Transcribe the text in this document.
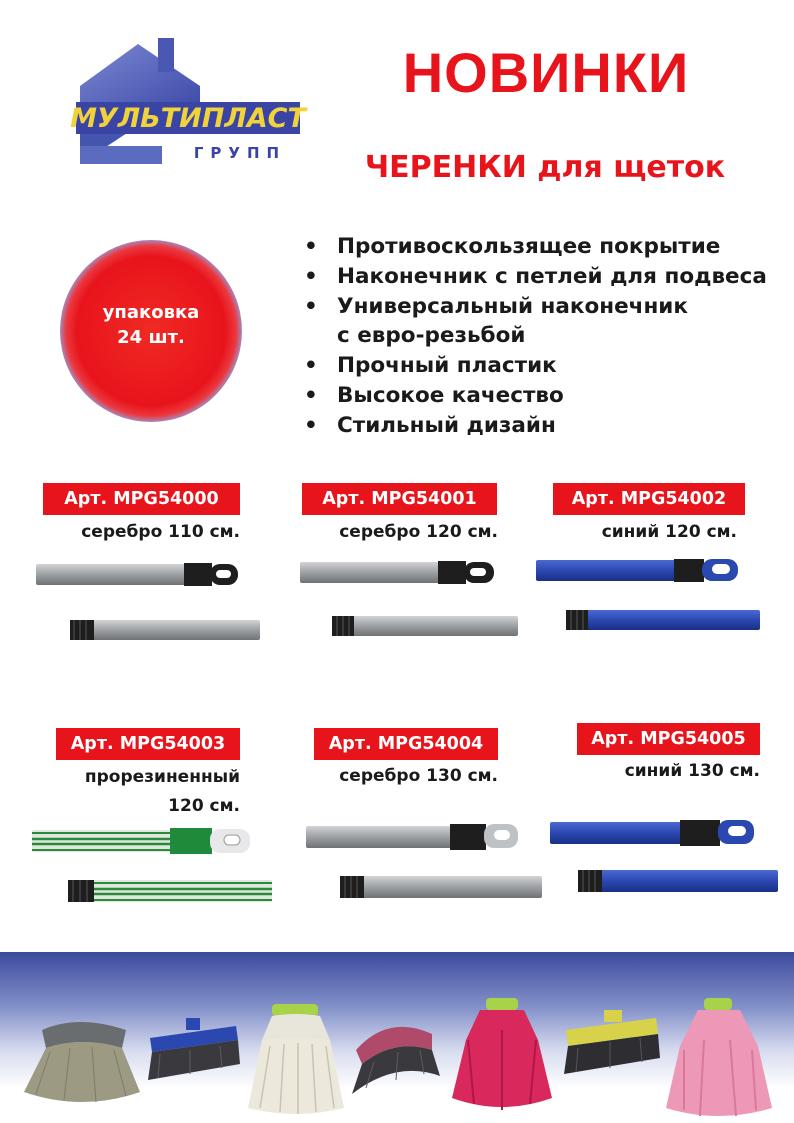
МУЛЬТИПЛАСТ
ГРУПП
НОВИНКИ
ЧЕРЕНКИ для щеток
упаковка
24 шт.
• Противоскользящее покрытие
• Наконечник с петлей для подвеса
• Универсальный наконечник
с евро-резьбой
• Прочный пластик
• Высокое качество
• Стильный дизайн
Арт. MPG54000
серебро 110 см.
Арт. MPG54001
серебро 120 см.
Арт. MPG54002
синий 120 см.
Арт. MPG54003
прорезиненный
120 см.
Арт. MPG54004
серебро 130 см.
Арт. MPG54005
синий 130 см.
